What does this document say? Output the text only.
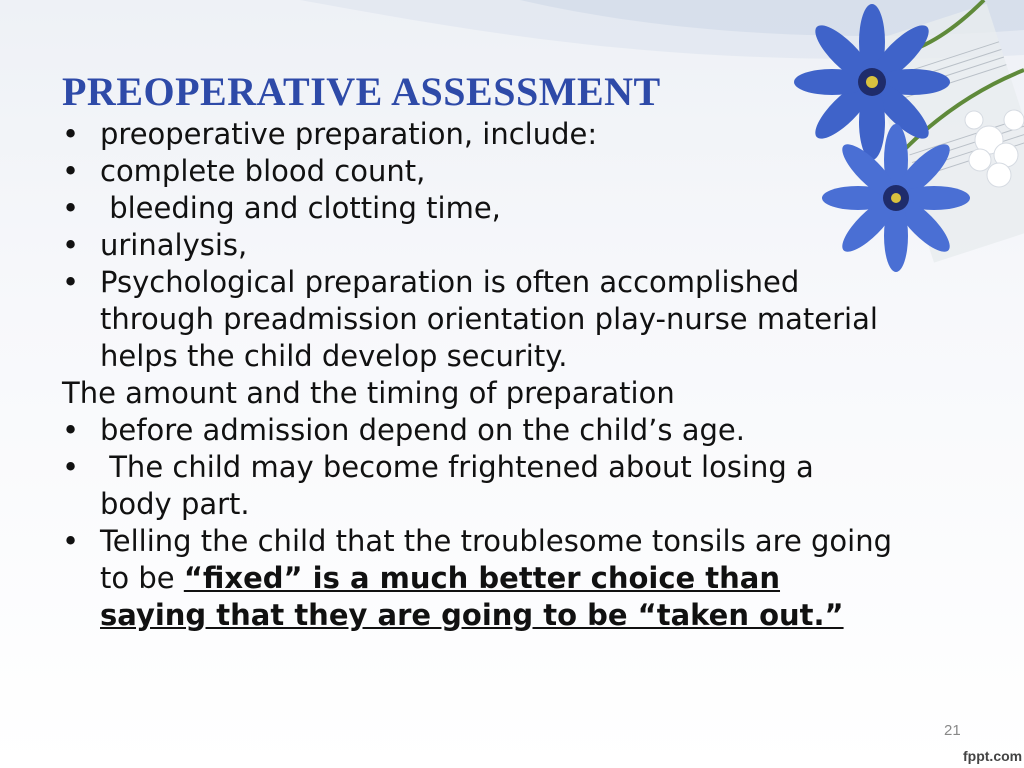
PREOPERATIVE ASSESSMENT

• preoperative preparation, include:

• complete blood count,

• bleeding and clotting time,

• urinalysis,

• Psychological preparation is often accomplished through preadmission orientation play-nurse material helps the child develop security.

The amount and the timing of preparation

• before admission depend on the child’s age.

• The child may become frightened about losing a body part.

• Telling the child that the troublesome tonsils are going to be “fixed” is a much better choice than saying that they are going to be “taken out.”

21
fppt.com
